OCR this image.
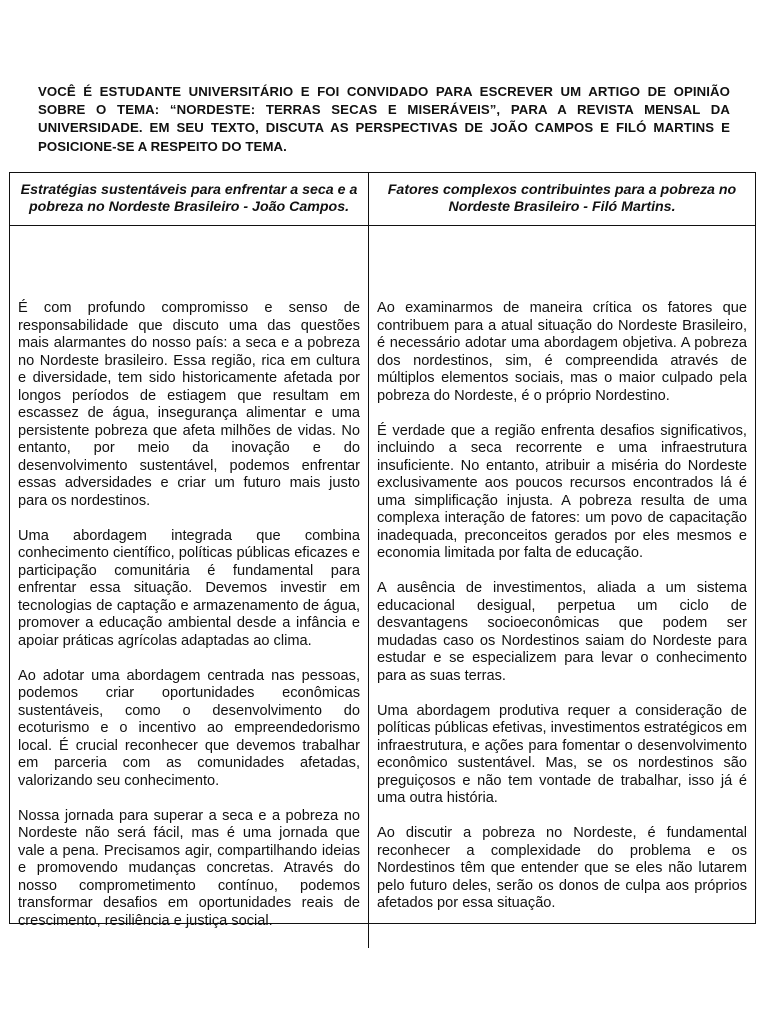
VOCÊ É ESTUDANTE UNIVERSITÁRIO E FOI CONVIDADO PARA ESCREVER UM ARTIGO DE OPINIÃO SOBRE O TEMA: “NORDESTE: TERRAS SECAS E MISERÁVEIS”, PARA A REVISTA MENSAL DA UNIVERSIDADE. EM SEU TEXTO, DISCUTA AS PERSPECTIVAS DE JOÃO CAMPOS E FILÓ MARTINS E POSICIONE-SE A RESPEITO DO TEMA.

Estratégias sustentáveis para enfrentar a seca e a pobreza no Nordeste Brasileiro - João Campos.
Fatores complexos contribuintes para a pobreza no Nordeste Brasileiro - Filó Martins.

É com profundo compromisso e senso de responsabilidade que discuto uma das questões mais alarmantes do nosso país: a seca e a pobreza no Nordeste brasileiro. Essa região, rica em cultura e diversidade, tem sido historicamente afetada por longos períodos de estiagem que resultam em escassez de água, insegurança alimentar e uma persistente pobreza que afeta milhões de vidas. No entanto, por meio da inovação e do desenvolvimento sustentável, podemos enfrentar essas adversidades e criar um futuro mais justo para os nordestinos.

Uma abordagem integrada que combina conhecimento científico, políticas públicas eficazes e participação comunitária é fundamental para enfrentar essa situação. Devemos investir em tecnologias de captação e armazenamento de água, promover a educação ambiental desde a infância e apoiar práticas agrícolas adaptadas ao clima.

Ao adotar uma abordagem centrada nas pessoas, podemos criar oportunidades econômicas sustentáveis, como o desenvolvimento do ecoturismo e o incentivo ao empreendedorismo local. É crucial reconhecer que devemos trabalhar em parceria com as comunidades afetadas, valorizando seu conhecimento.

Nossa jornada para superar a seca e a pobreza no Nordeste não será fácil, mas é uma jornada que vale a pena. Precisamos agir, compartilhando ideias e promovendo mudanças concretas. Através do nosso comprometimento contínuo, podemos transformar desafios em oportunidades reais de crescimento, resiliência e justiça social.

Ao examinarmos de maneira crítica os fatores que contribuem para a atual situação do Nordeste Brasileiro, é necessário adotar uma abordagem objetiva. A pobreza dos nordestinos, sim, é compreendida através de múltiplos elementos sociais, mas o maior culpado pela pobreza do Nordeste, é o próprio Nordestino.

É verdade que a região enfrenta desafios significativos, incluindo a seca recorrente e uma infraestrutura insuficiente. No entanto, atribuir a miséria do Nordeste exclusivamente aos poucos recursos encontrados lá é uma simplificação injusta. A pobreza resulta de uma complexa interação de fatores: um povo de capacitação inadequada, preconceitos gerados por eles mesmos e economia limitada por falta de educação.

A ausência de investimentos, aliada a um sistema educacional desigual, perpetua um ciclo de desvantagens socioeconômicas que podem ser mudadas caso os Nordestinos saiam do Nordeste para estudar e se especializem para levar o conhecimento para as suas terras.

Uma abordagem produtiva requer a consideração de políticas públicas efetivas, investimentos estratégicos em infraestrutura, e ações para fomentar o desenvolvimento econômico sustentável. Mas, se os nordestinos são preguiçosos e não tem vontade de trabalhar, isso já é uma outra história.

Ao discutir a pobreza no Nordeste, é fundamental reconhecer a complexidade do problema e os Nordestinos têm que entender que se eles não lutarem pelo futuro deles, serão os donos de culpa aos próprios afetados por essa situação.
